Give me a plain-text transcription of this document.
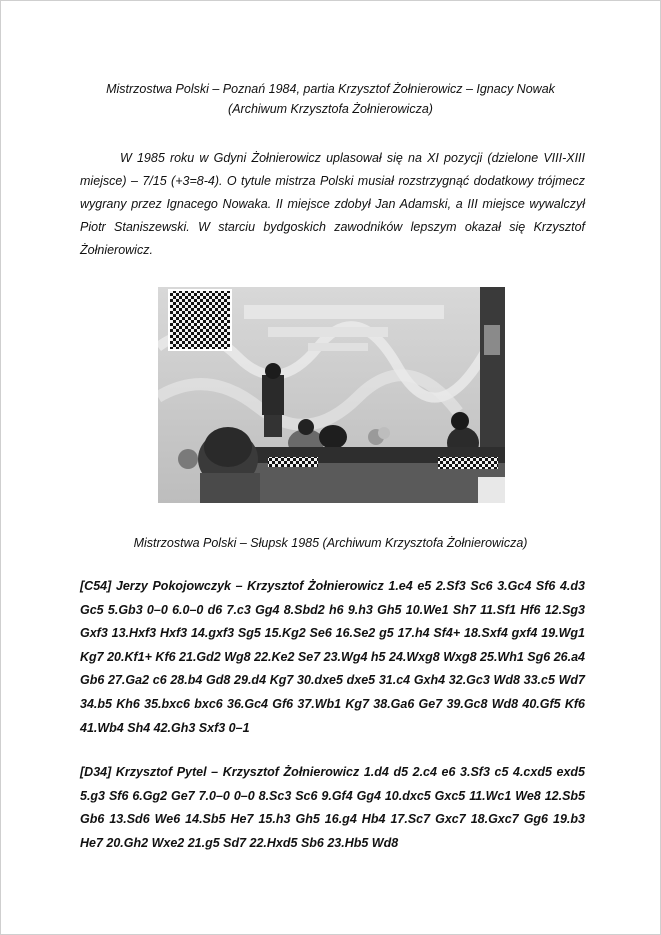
Mistrzostwa Polski – Poznań 1984, partia Krzysztof Żołnierowicz – Ignacy Nowak
(Archiwum Krzysztofa Żołnierowicza)
W 1985 roku w Gdyni Żołnierowicz uplasował się na XI pozycji (dzielone VIII-XIII miejsce) – 7/15 (+3=8-4). O tytule mistrza Polski musiał rozstrzygnąć dodatkowy trójmecz wygrany przez Ignacego Nowaka. II miejsce zdobył Jan Adamski, a III miejsce wywalczył Piotr Staniszewski. W starciu bydgoskich zawodników lepszym okazał się Krzysztof Żołnierowicz.
Mistrzostwa Polski – Słupsk 1985 (Archiwum Krzysztofa Żołnierowicza)
[C54] Jerzy Pokojowczyk – Krzysztof Żołnierowicz 1.e4 e5 2.Sf3 Sc6 3.Gc4 Sf6 4.d3 Gc5 5.Gb3 0–0 6.0–0 d6 7.c3 Gg4 8.Sbd2 h6 9.h3 Gh5 10.We1 Sh7 11.Sf1 Hf6 12.Sg3 Gxf3 13.Hxf3 Hxf3 14.gxf3 Sg5 15.Kg2 Se6 16.Se2 g5 17.h4 Sf4+ 18.Sxf4 gxf4 19.Wg1 Kg7 20.Kf1+ Kf6 21.Gd2 Wg8 22.Ke2 Se7 23.Wg4 h5 24.Wxg8 Wxg8 25.Wh1 Sg6 26.a4 Gb6 27.Ga2 c6 28.b4 Gd8 29.d4 Kg7 30.dxe5 dxe5 31.c4 Gxh4 32.Gc3 Wd8 33.c5 Wd7 34.b5 Kh6 35.bxc6 bxc6 36.Gc4 Gf6 37.Wb1 Kg7 38.Ga6 Ge7 39.Gc8 Wd8 40.Gf5 Kf6 41.Wb4 Sh4 42.Gh3 Sxf3 0–1
[D34] Krzysztof Pytel – Krzysztof Żołnierowicz 1.d4 d5 2.c4 e6 3.Sf3 c5 4.cxd5 exd5 5.g3 Sf6 6.Gg2 Ge7 7.0–0 0–0 8.Sc3 Sc6 9.Gf4 Gg4 10.dxc5 Gxc5 11.Wc1 We8 12.Sb5 Gb6 13.Sd6 We6 14.Sb5 He7 15.h3 Gh5 16.g4 Hb4 17.Sc7 Gxc7 18.Gxc7 Gg6 19.b3 He7 20.Gh2 Wxe2 21.g5 Sd7 22.Hxd5 Sb6 23.Hb5 Wd8
